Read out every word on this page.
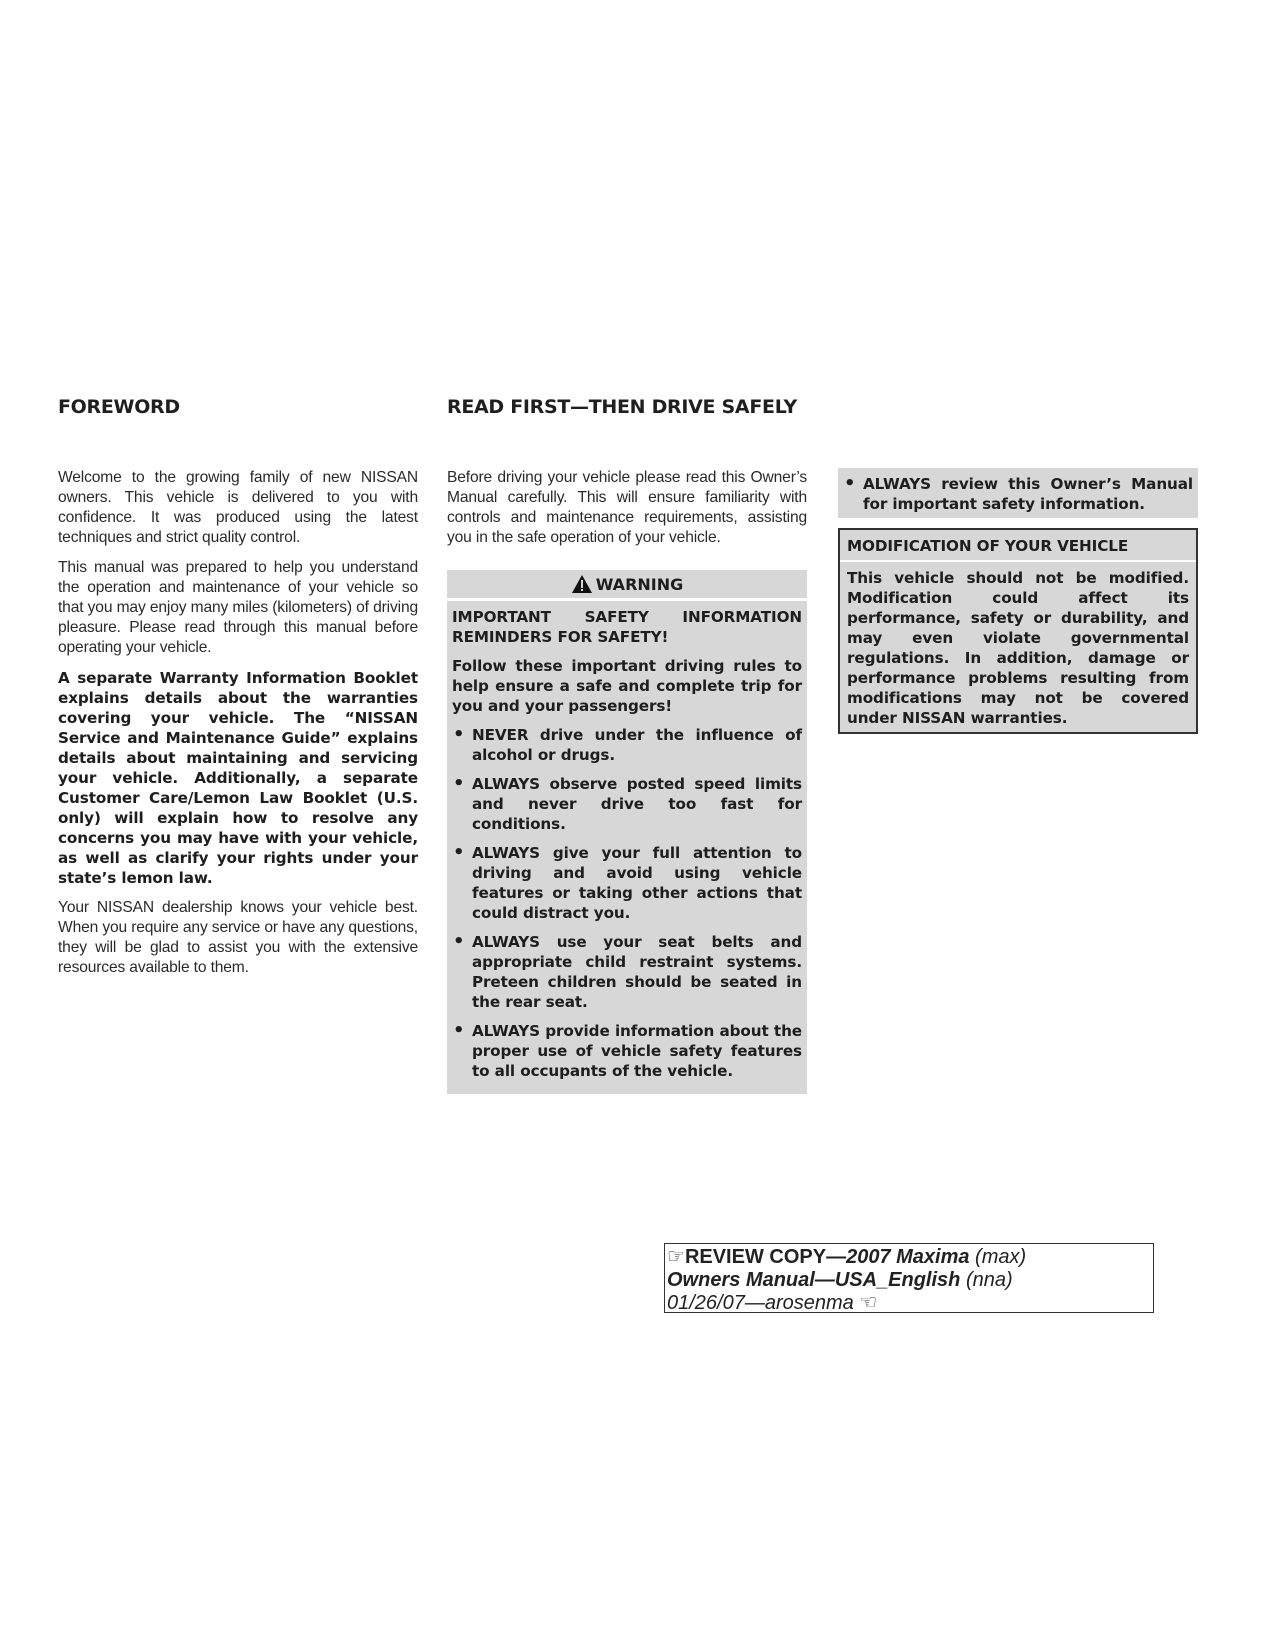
FOREWORD	READ FIRST—THEN DRIVE SAFELY

Welcome to the growing family of new NISSAN owners. This vehicle is delivered to you with confidence. It was produced using the latest techniques and strict quality control.

This manual was prepared to help you understand the operation and maintenance of your vehicle so that you may enjoy many miles (kilometers) of driving pleasure. Please read through this manual before operating your vehicle.

A separate Warranty Information Booklet explains details about the warranties covering your vehicle. The “NISSAN Service and Maintenance Guide” explains details about maintaining and servicing your vehicle. Additionally, a separate Customer Care/Lemon Law Booklet (U.S. only) will explain how to resolve any concerns you may have with your vehicle, as well as clarify your rights under your state’s lemon law.

Your NISSAN dealership knows your vehicle best. When you require any service or have any questions, they will be glad to assist you with the extensive resources available to them.

Before driving your vehicle please read this Owner’s Manual carefully. This will ensure familiarity with controls and maintenance requirements, assisting you in the safe operation of your vehicle.

WARNING

IMPORTANT SAFETY INFORMATION REMINDERS FOR SAFETY!

Follow these important driving rules to help ensure a safe and complete trip for you and your passengers!

• NEVER drive under the influence of alcohol or drugs.
• ALWAYS observe posted speed limits and never drive too fast for conditions.
• ALWAYS give your full attention to driving and avoid using vehicle features or taking other actions that could distract you.
• ALWAYS use your seat belts and appropriate child restraint systems. Preteen children should be seated in the rear seat.
• ALWAYS provide information about the proper use of vehicle safety features to all occupants of the vehicle.
• ALWAYS review this Owner’s Manual for important safety information.
MODIFICATION OF YOUR VEHICLE
This vehicle should not be modified. Modification could affect its performance, safety or durability, and may even violate governmental regulations. In addition, damage or performance problems resulting from modifications may not be covered under NISSAN warranties.
☞REVIEW COPY—2007 Maxima (max)
Owners Manual—USA_English (nna)
01/26/07—arosenma ☜
